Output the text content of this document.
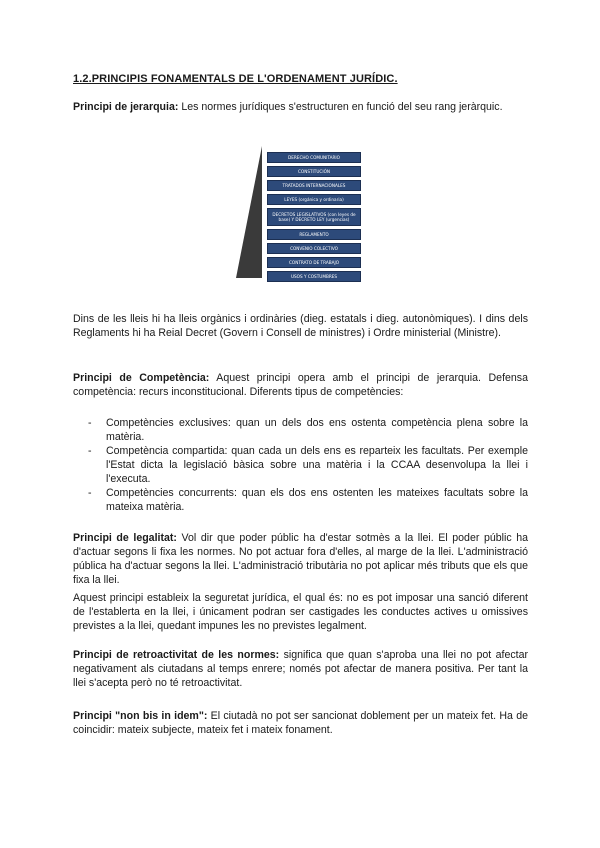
1.2.PRINCIPIS FONAMENTALS DE L'ORDENAMENT JURÍDIC.
Principi de jerarquia: Les normes jurídiques s'estructuren en funció del seu rang jeràrquic.
DERECHO COMUNITARIO
CONSTITUCIÓN
TRATADOS INTERNACIONALES
LEYES (orgánica y ordinaria)
DECRETOS LEGISLATIVOS (con leyes de base) Y DECRETO LEY (urgencias)
REGLAMENTO
CONVENIO COLECTIVO
CONTRATO DE TRABAJO
USOS Y COSTUMBRES
Dins de les lleis hi ha lleis orgànics i ordinàries (dieg. estatals i dieg. autonòmiques). I dins dels Reglaments hi ha Reial Decret (Govern i Consell de ministres) i Ordre ministerial (Ministre).
Principi de Competència: Aquest principi opera amb el principi de jerarquia. Defensa competència: recurs inconstitucional. Diferents tipus de competències:
- Competències exclusives: quan un dels dos ens ostenta competència plena sobre la matèria.
- Competència compartida: quan cada un dels ens es reparteix les facultats. Per exemple l'Estat dicta la legislació bàsica sobre una matèria i la CCAA desenvolupa la llei i l'executa.
- Competències concurrents: quan els dos ens ostenten les mateixes facultats sobre la mateixa matèria.
Principi de legalitat: Vol dir que poder públic ha d'estar sotmès a la llei. El poder públic ha d'actuar segons li fixa les normes. No pot actuar fora d'elles, al marge de la llei. L'administració pública ha d'actuar segons la llei. L'administració tributària no pot aplicar més tributs que els que fixa la llei.
Aquest principi estableix la seguretat jurídica, el qual és: no es pot imposar una sanció diferent de l'establerta en la llei, i únicament podran ser castigades les conductes actives u omissives previstes a la llei, quedant impunes les no previstes legalment.
Principi de retroactivitat de les normes: significa que quan s'aproba una llei no pot afectar negativament als ciutadans al temps enrere; només pot afectar de manera positiva. Per tant la llei s'acepta però no té retroactivitat.
Principi "non bis in idem": El ciutadà no pot ser sancionat doblement per un mateix fet. Ha de coincidir: mateix subjecte, mateix fet i mateix fonament.
